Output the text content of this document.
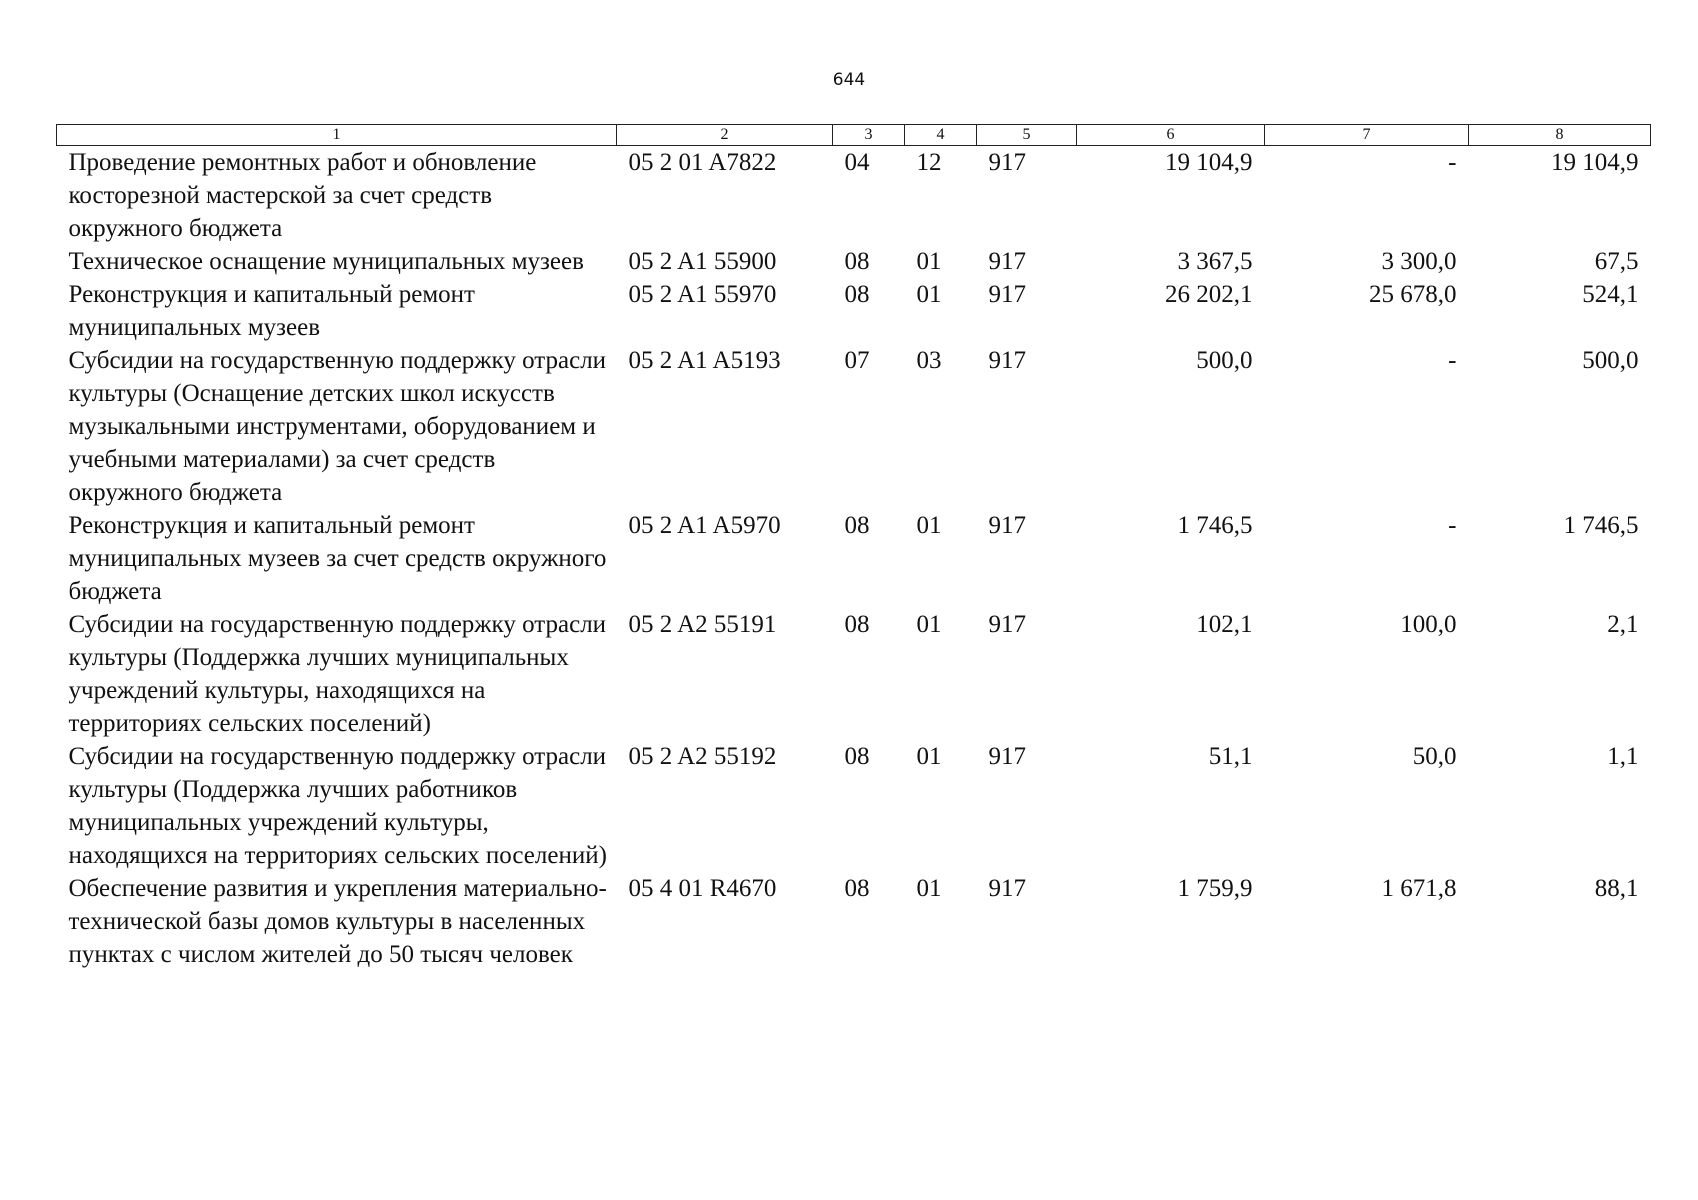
644
1	2	3	4	5	6	7	8
Проведение ремонтных работ и обновление косторезной мастерской за счет средств окружного бюджета	05 2 01 A7822	04	12	917	19 104,9	-	19 104,9
Техническое оснащение муниципальных музеев	05 2 A1 55900	08	01	917	3 367,5	3 300,0	67,5
Реконструкция и капитальный ремонт муниципальных музеев	05 2 A1 55970	08	01	917	26 202,1	25 678,0	524,1
Субсидии на государственную поддержку отрасли культуры (Оснащение детских школ искусств музыкальными инструментами, оборудованием и учебными материалами) за счет средств окружного бюджета	05 2 A1 A5193	07	03	917	500,0	-	500,0
Реконструкция и капитальный ремонт муниципальных музеев за счет средств окружного бюджета	05 2 A1 A5970	08	01	917	1 746,5	-	1 746,5
Субсидии на государственную поддержку отрасли культуры (Поддержка лучших муниципальных учреждений культуры, находящихся на территориях сельских поселений)	05 2 A2 55191	08	01	917	102,1	100,0	2,1
Субсидии на государственную поддержку отрасли культуры (Поддержка лучших работников муниципальных учреждений культуры, находящихся на территориях сельских поселений)	05 2 A2 55192	08	01	917	51,1	50,0	1,1
Обеспечение развития и укрепления материально-технической базы домов культуры в населенных пунктах с числом жителей до 50 тысяч человек	05 4 01 R4670	08	01	917	1 759,9	1 671,8	88,1
